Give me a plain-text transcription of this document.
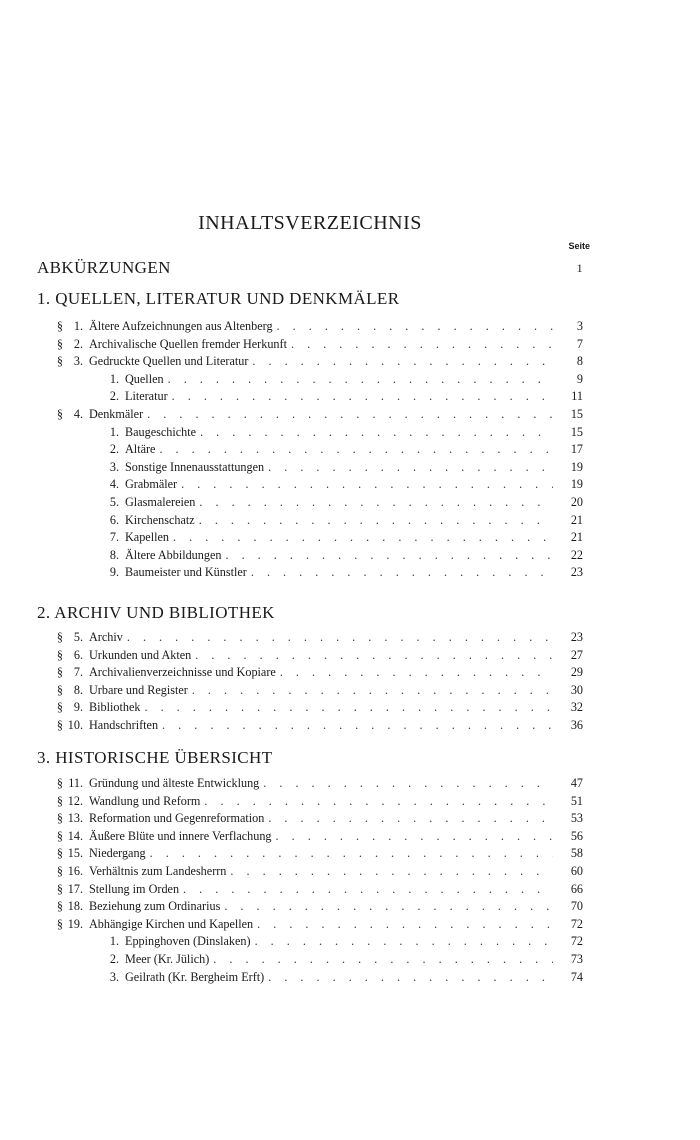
INHALTSVERZEICHNIS
Seite
ABKÜRZUNGEN	1
1. QUELLEN, LITERATUR UND DENKMÄLER
§ 1. Ältere Aufzeichnungen aus Altenberg . . .	3
§ 2. Archivalische Quellen fremder Herkunft . . .	7
§ 3. Gedruckte Quellen und Literatur . . .	8
1. Quellen . . .	9
2. Literatur . . .	11
§ 4. Denkmäler . . .	15
1. Baugeschichte . . .	15
2. Altäre . . .	17
3. Sonstige Innenausstattungen . . .	19
4. Grabmäler . . .	19
5. Glasmalereien . . .	20
6. Kirchenschatz . . .	21
7. Kapellen . . .	21
8. Ältere Abbildungen . . .	22
9. Baumeister und Künstler . . .	23
2. ARCHIV UND BIBLIOTHEK
§ 5. Archiv . . .	23
§ 6. Urkunden und Akten . . .	27
§ 7. Archivalienverzeichnisse und Kopiare . . .	29
§ 8. Urbare und Register . . .	30
§ 9. Bibliothek . . .	32
§ 10. Handschriften . . .	36
3. HISTORISCHE ÜBERSICHT
§ 11. Gründung und älteste Entwicklung . . .	47
§ 12. Wandlung und Reform . . .	51
§ 13. Reformation und Gegenreformation . . .	53
§ 14. Äußere Blüte und innere Verflachung . . .	56
§ 15. Niedergang . . .	58
§ 16. Verhältnis zum Landesherrn . . .	60
§ 17. Stellung im Orden . . .	66
§ 18. Beziehung zum Ordinarius . . .	70
§ 19. Abhängige Kirchen und Kapellen . . .	72
1. Eppinghoven (Dinslaken) . . .	72
2. Meer (Kr. Jülich) . . .	73
3. Geilrath (Kr. Bergheim Erft) . . .	74
